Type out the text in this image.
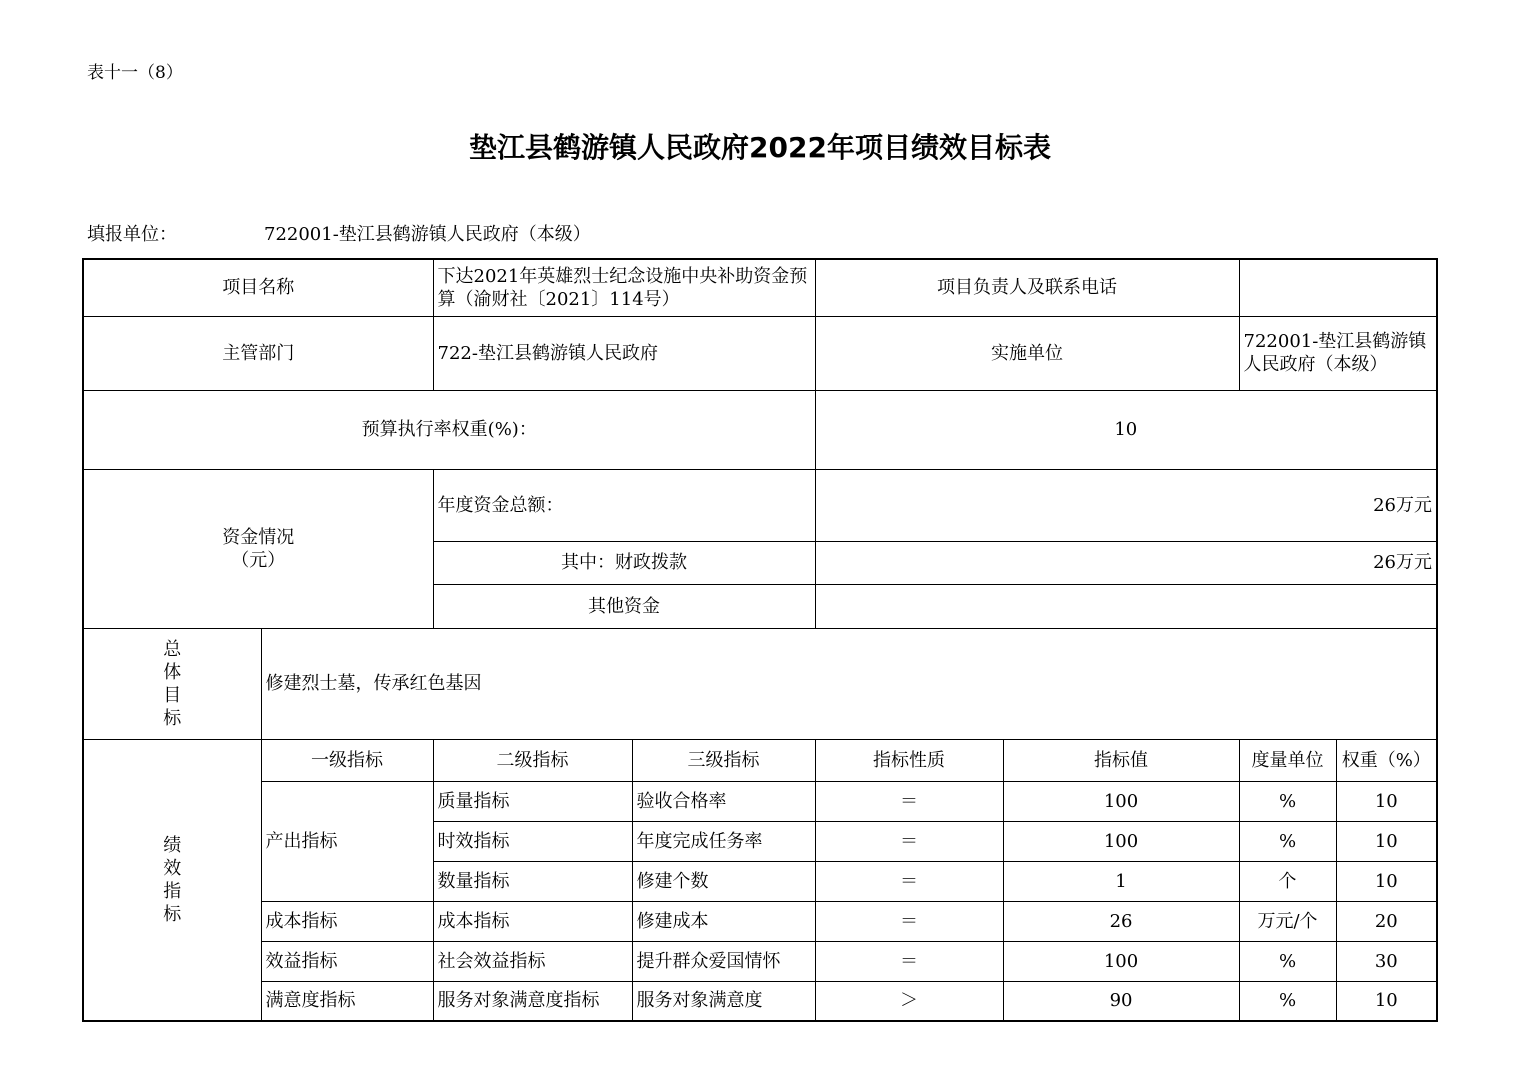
表十一（8）
垫江县鹤游镇人民政府2022年项目绩效目标表
填报单位：	722001-垫江县鹤游镇人民政府（本级）
项目名称		下达2021年英雄烈士纪念设施中央补助资金预算（渝财社〔2021〕114号）		项目负责人及联系电话			
主管部门		722-垫江县鹤游镇人民政府		实施单位		722001-垫江县鹤游镇人民政府（本级）	
预算执行率权重(%)：				10			

资金情况
（元）		年度资金总额：		26万元			
		其中：财政拨款		26万元			
		其他资金					

总
体
目
标	修建烈士墓，传承红色基因						

绩
效
指
标	一级指标	二级指标	三级指标	指标性质	指标值	度量单位	权重（%）
	产出指标	质量指标	验收合格率	＝	100	%	10
		时效指标	年度完成任务率	＝	100	%	10
		数量指标	修建个数	＝	1	个	10
	成本指标	成本指标	修建成本	＝	26	万元/个	20
	效益指标	社会效益指标	提升群众爱国情怀	＝	100	%	30
	满意度指标	服务对象满意度指标	服务对象满意度	＞	90	%	10
